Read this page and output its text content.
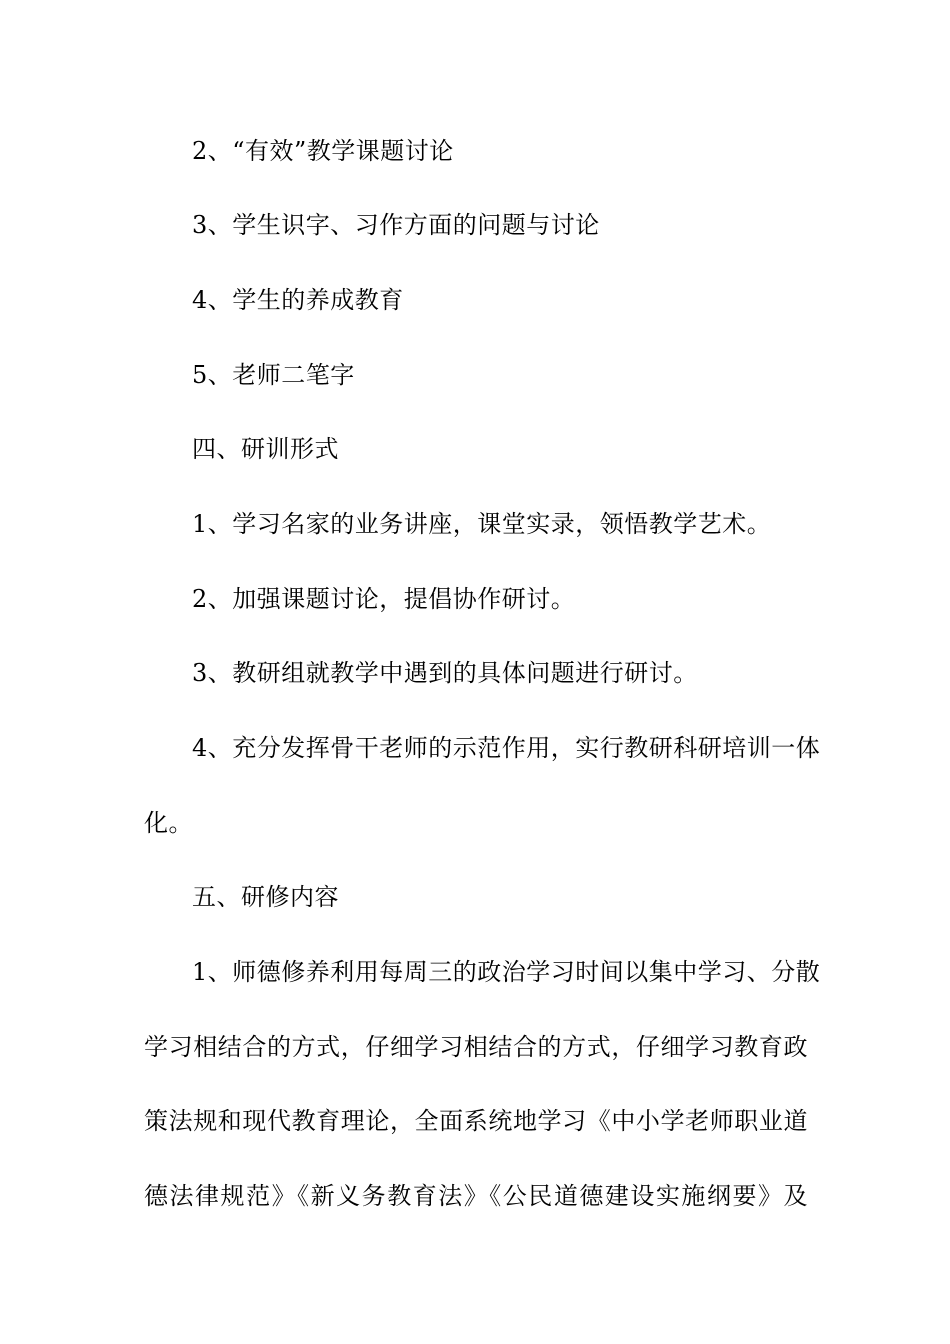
2、“有效”教学课题讨论
3、学生识字、习作方面的问题与讨论
4、学生的养成教育
5、老师二笔字
四、研训形式
1、学习名家的业务讲座，课堂实录，领悟教学艺术。
2、加强课题讨论，提倡协作研讨。
3、教研组就教学中遇到的具体问题进行研讨。
4、充分发挥骨干老师的示范作用，实行教研科研培训一体
化。
五、研修内容
1、师德修养利用每周三的政治学习时间以集中学习、分散
学习相结合的方式，仔细学习相结合的方式，仔细学习教育政
策法规和现代教育理论，全面系统地学习《中小学老师职业道
德法律规范》《新义务教育法》《公民道德建设实施纲要》及
